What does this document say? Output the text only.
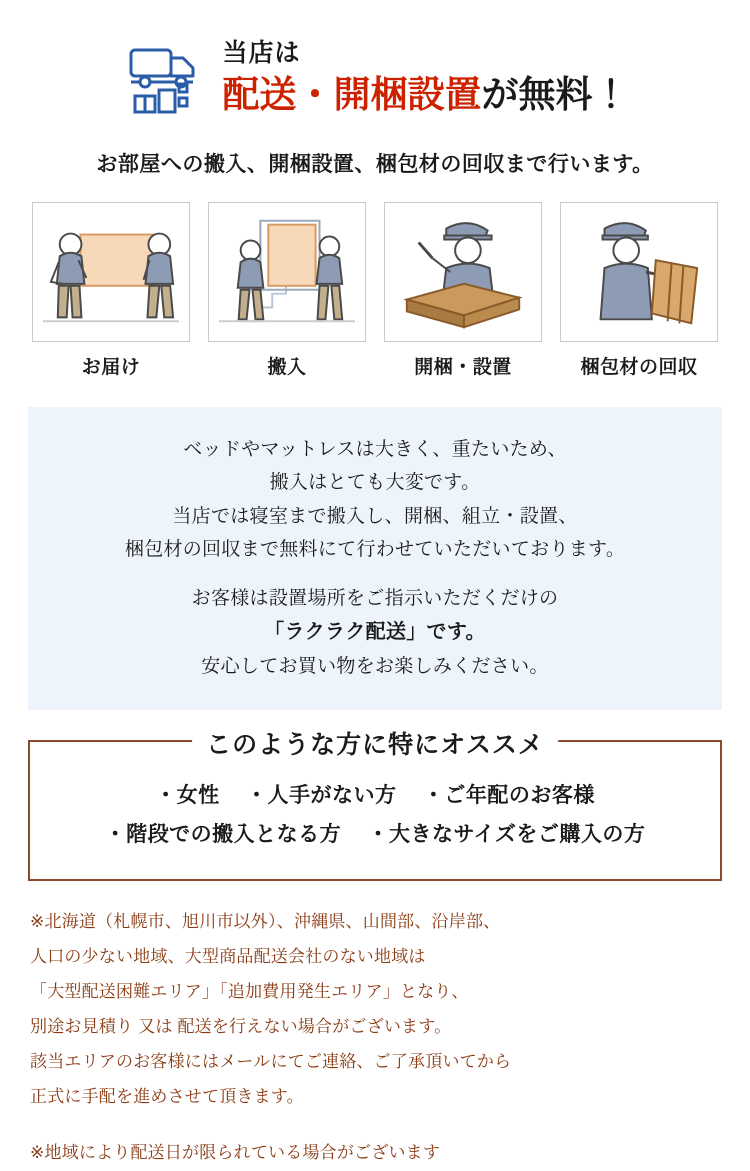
当店は
配送・開梱設置が無料！
お部屋への搬入、開梱設置、梱包材の回収まで行います。
お届け	搬入	開梱・設置	梱包材の回収
ベッドやマットレスは大きく、重たいため、
搬入はとても大変です。
当店では寝室まで搬入し、開梱、組立・設置、
梱包材の回収まで無料にて行わせていただいております。
お客様は設置場所をご指示いただくだけの
「ラクラク配送」です。
安心してお買い物をお楽しみください。
このような方に特にオススメ
・女性 ・人手がない方 ・ご年配のお客様
・階段での搬入となる方 ・大きなサイズをご購入の方
※北海道（札幌市、旭川市以外）、沖縄県、山間部、沿岸部、
人口の少ない地域、大型商品配送会社のない地域は
「大型配送困難エリア」「追加費用発生エリア」となり、
別途お見積り 又は 配送を行えない場合がございます。
該当エリアのお客様にはメールにてご連絡、ご了承頂いてから
正式に手配を進めさせて頂きます。
※地域により配送日が限られている場合がございます
